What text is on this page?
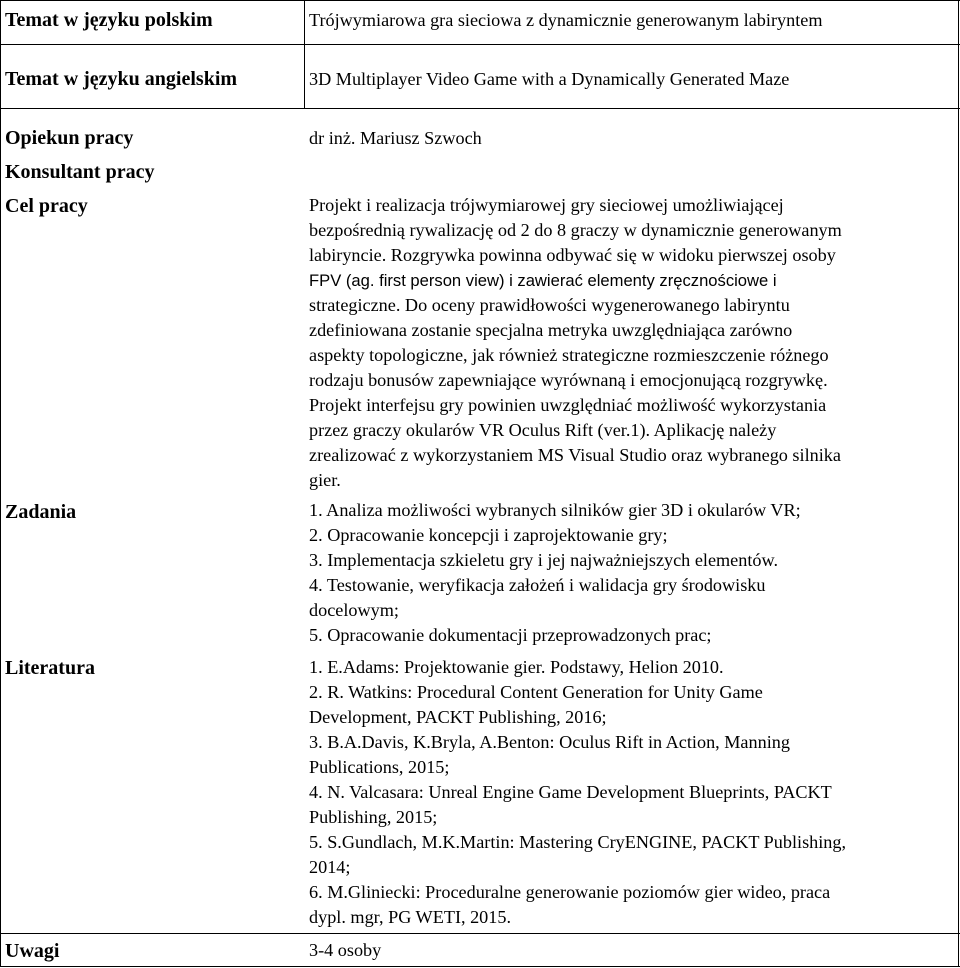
Temat w języku polskim	Trójwymiarowa gra sieciowa z dynamicznie generowanym labiryntem
Temat w języku angielskim	3D Multiplayer Video Game with a Dynamically Generated Maze
Opiekun pracy	dr inż. Mariusz Szwoch
Konsultant pracy
Cel pracy	Projekt i realizacja trójwymiarowej gry sieciowej umożliwiającej
bezpośrednią rywalizację od 2 do 8 graczy w dynamicznie generowanym
labiryncie. Rozgrywka powinna odbywać się w widoku pierwszej osoby
FPV (ag. first person view) i zawierać elementy zręcznościowe i
strategiczne. Do oceny prawidłowości wygenerowanego labiryntu
zdefiniowana zostanie specjalna metryka uwzględniająca zarówno
aspekty topologiczne, jak również strategiczne rozmieszczenie różnego
rodzaju bonusów zapewniające wyrównaną i emocjonującą rozgrywkę.
Projekt interfejsu gry powinien uwzględniać możliwość wykorzystania
przez graczy okularów VR Oculus Rift (ver.1). Aplikację należy
zrealizować z wykorzystaniem MS Visual Studio oraz wybranego silnika
gier.
Zadania	1. Analiza możliwości wybranych silników gier 3D i okularów VR;
2. Opracowanie koncepcji i zaprojektowanie gry;
3. Implementacja szkieletu gry i jej najważniejszych elementów.
4. Testowanie, weryfikacja założeń i walidacja gry środowisku
docelowym;
5. Opracowanie dokumentacji przeprowadzonych prac;
Literatura	1. E.Adams: Projektowanie gier. Podstawy, Helion 2010.
2. R. Watkins: Procedural Content Generation for Unity Game
Development, PACKT Publishing, 2016;
3. B.A.Davis, K.Bryla, A.Benton: Oculus Rift in Action, Manning
Publications, 2015;
4. N. Valcasara: Unreal Engine Game Development Blueprints, PACKT
Publishing, 2015;
5. S.Gundlach, M.K.Martin: Mastering CryENGINE, PACKT Publishing,
2014;
6. M.Gliniecki: Proceduralne generowanie poziomów gier wideo, praca
dypl. mgr, PG WETI, 2015.
Uwagi	3-4 osoby
